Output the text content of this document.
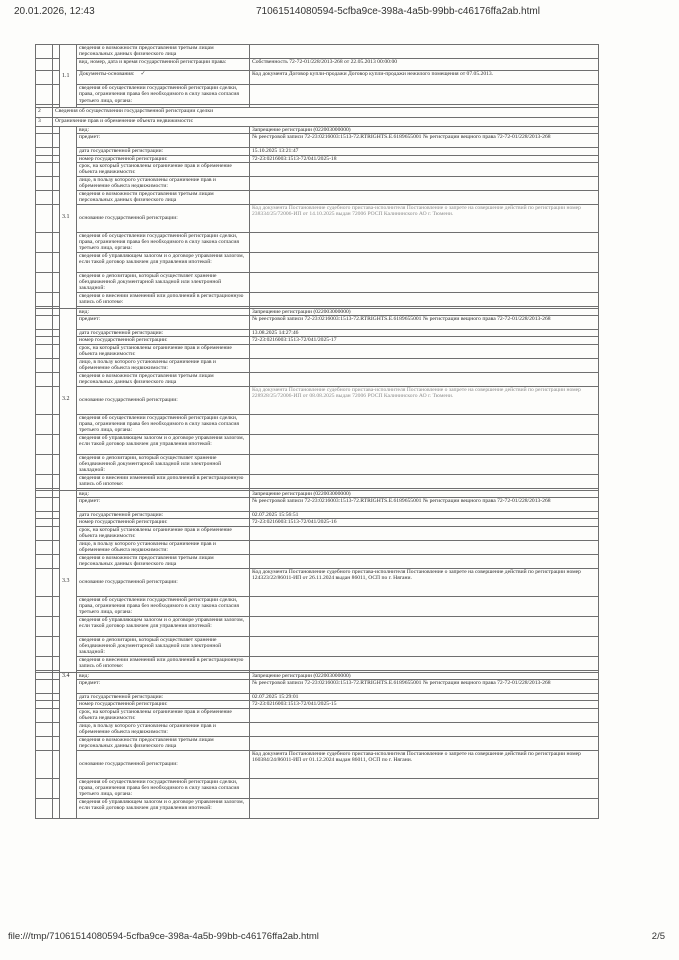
20.01.2026, 12:43	71061514080594-5cfba9ce-398a-4a5b-99bb-c46176ffa2ab.html
		1.1	сведения о возможности предоставления третьим лицам персональных данных физического лица	
			вид, номер, дата и время государственной регистрации права:	Собственность 72-72-01/228/2013-268 от 22.05.2013 00:00:00
			Документы-основания: ✓	Код документа Договор купли-продажи Договор купли-продажи нежилого помещения от 07.05.2013.
			сведения об осуществлении государственной регистрации сделки, права, ограничения права без необходимого в силу закона согласия третьего лица, органа:	

2	Сведения об осуществлении государственной регистрации сделки			
3	Ограничение прав и обременение объекта недвижимости:			
		3.1	вид:	Запрещение регистрации (022003000000)
			предмет:	№ реестровой записи 72-23:0216003:1513-72.RTRIGHTS.E.6189655001 № регистрации вещного права 72-72-01/228/2013-268
			дата государственной регистрации:	15.10.2025 13:21:47
			номер государственной регистрации:	72-23:0216003:1513-72/041/2025-18
			срок, на который установлены ограничение прав и обременение объекта недвижимости:	
			лицо, в пользу которого установлены ограничение прав и обременение объекта недвижимости:	
			сведения о возможности предоставления третьим лицам персональных данных физического лица	
			основание государственной регистрации:	Код документа Постановление судебного пристава-исполнителя Постановление о запрете на совершение действий по регистрации номер 238334/25/72006-ИП от 14.10.2025 выдан 72006 РОСП Калининского АО г. Тюмени.
			сведения об осуществлении государственной регистрации сделки, права, ограничения права без необходимого в силу закона согласия третьего лица, органа:	
			сведения об управляющем залогом и о договоре управления залогом, если такой договор заключен для управления ипотекой:	
			сведения о депозитарии, который осуществляет хранение обездвиженной документарной закладной или электронной закладной:	
			сведения о внесении изменений или дополнений в регистрационную запись об ипотеке:	

		3.2	вид:	Запрещение регистрации (022003000000)
			предмет:	№ реестровой записи 72-23:0216003:1513-72.RTRIGHTS.E.6189655001 № регистрации вещного права 72-72-01/228/2013-268
			дата государственной регистрации:	13.08.2025 14:27:46
			номер государственной регистрации:	72-23:0216003:1513-72/041/2025-17
			срок, на который установлены ограничение прав и обременение объекта недвижимости:	
			лицо, в пользу которого установлены ограничение прав и обременение объекта недвижимости:	
			сведения о возможности предоставления третьим лицам персональных данных физического лица	
			основание государственной регистрации:	Код документа Постановление судебного пристава-исполнителя Постановление о запрете на совершение действий по регистрации номер 228928/25/72006-ИП от 08.08.2025 выдан 72006 РОСП Калининского АО г. Тюмени.
			сведения об осуществлении государственной регистрации сделки, права, ограничения права без необходимого в силу закона согласия третьего лица, органа:	
			сведения об управляющем залогом и о договоре управления залогом, если такой договор заключен для управления ипотекой:	
			сведения о депозитарии, который осуществляет хранение обездвиженной документарной закладной или электронной закладной:	
			сведения о внесении изменений или дополнений в регистрационную запись об ипотеке:	

		3.3	вид:	Запрещение регистрации (022003000000)
			предмет:	№ реестровой записи 72-23:0216003:1513-72.RTRIGHTS.E.6189655001 № регистрации вещного права 72-72-01/228/2013-268
			дата государственной регистрации:	02.07.2025 15:56:51
			номер государственной регистрации:	72-23:0216003:1513-72/041/2025-16
			срок, на который установлены ограничение прав и обременение объекта недвижимости:	
			лицо, в пользу которого установлены ограничение прав и обременение объекта недвижимости:	
			сведения о возможности предоставления третьим лицам персональных данных физического лица	
			основание государственной регистрации:	Код документа Постановление судебного пристава-исполнителя Постановление о запрете на совершение действий по регистрации номер 124323/22/86011-ИП от 26.11.2024 выдан 86011, ОСП по г. Нягани.
			сведения об осуществлении государственной регистрации сделки, права, ограничения права без необходимого в силу закона согласия третьего лица, органа:	
			сведения об управляющем залогом и о договоре управления залогом, если такой договор заключен для управления ипотекой:	
			сведения о депозитарии, который осуществляет хранение обездвиженной документарной закладной или электронной закладной:	
			сведения о внесении изменений или дополнений в регистрационную запись об ипотеке:	

		3.4	вид:	Запрещение регистрации (022003000000)
			предмет:	№ реестровой записи 72-23:0216003:1513-72.RTRIGHTS.E.6189655001 № регистрации вещного права 72-72-01/228/2013-268
			дата государственной регистрации:	02.07.2025 15:29:01
			номер государственной регистрации:	72-23:0216003:1513-72/041/2025-15
			срок, на который установлены ограничение прав и обременение объекта недвижимости:	
			лицо, в пользу которого установлены ограничение прав и обременение объекта недвижимости:	
			сведения о возможности предоставления третьим лицам персональных данных физического лица	
			основание государственной регистрации:	Код документа Постановление судебного пристава-исполнителя Постановление о запрете на совершение действий по регистрации номер 160384/24/86011-ИП от 01.12.2024 выдан 86011, ОСП по г. Нягани.
			сведения об осуществлении государственной регистрации сделки, права, ограничения права без необходимого в силу закона согласия третьего лица, органа:	
			сведения об управляющем залогом и о договоре управления залогом, если такой договор заключен для управления ипотекой:	
file:///tmp/71061514080594-5cfba9ce-398a-4a5b-99bb-c46176ffa2ab.html	2/5
